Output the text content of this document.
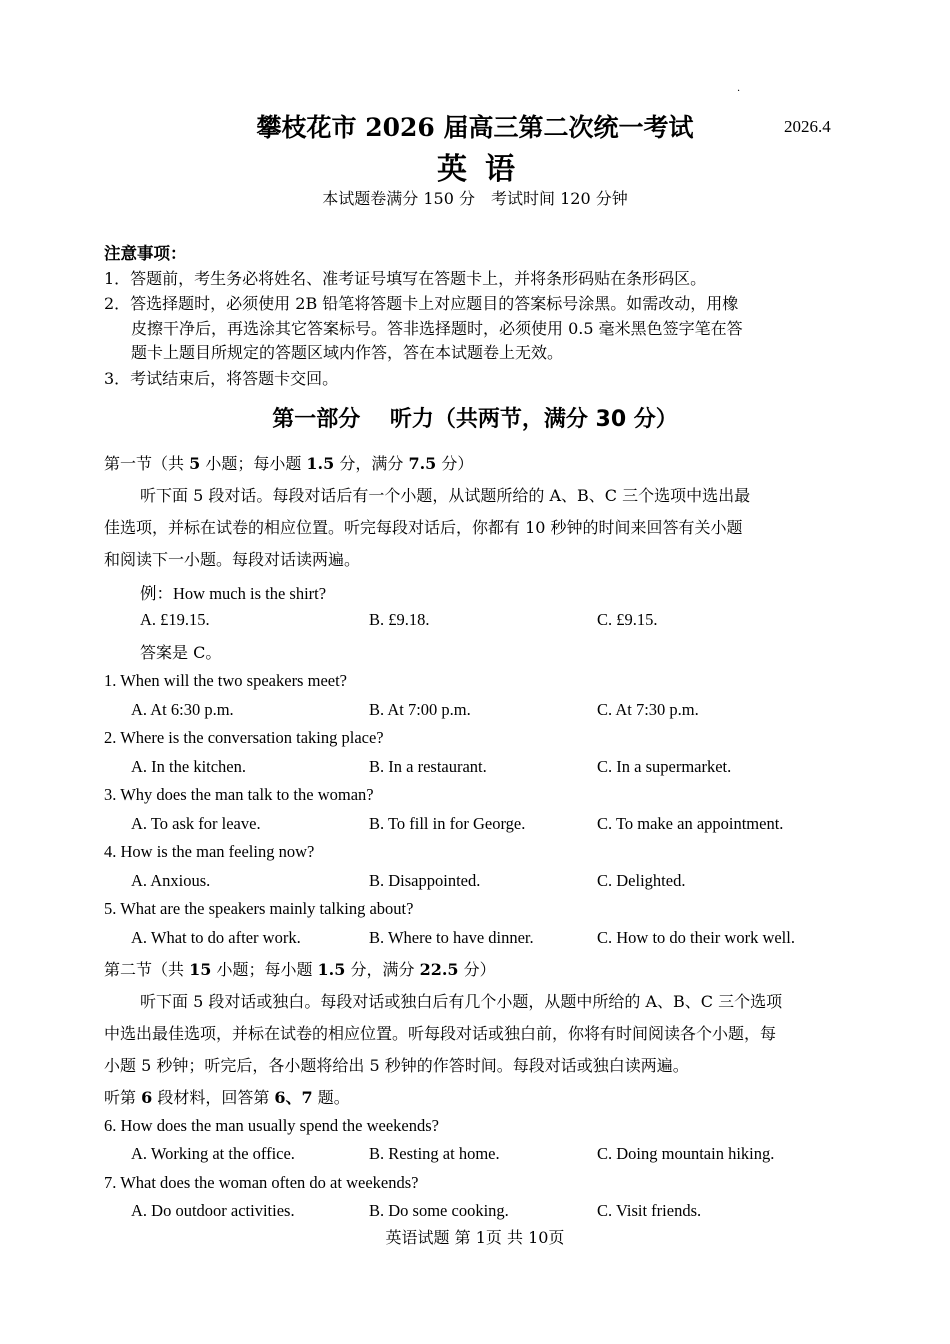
·
攀枝花市 2026 届高三第二次统一考试	2026.4
英语
本试题卷满分 150 分　考试时间 120 分钟
注意事项：
1．答题前，考生务必将姓名、准考证号填写在答题卡上，并将条形码贴在条形码区。
2．答选择题时，必须使用 2B 铅笔将答题卡上对应题目的答案标号涂黑。如需改动，用橡
皮擦干净后，再选涂其它答案标号。答非选择题时，必须使用 0.5 毫米黑色签字笔在答
题卡上题目所规定的答题区域内作答，答在本试题卷上无效。
3．考试结束后，将答题卡交回。
第一部分　 听力（共两节，满分 30 分）
第一节（共 5 小题；每小题 1.5 分，满分 7.5 分）
听下面 5 段对话。每段对话后有一个小题，从试题所给的 A、B、C 三个选项中选出最
佳选项，并标在试卷的相应位置。听完每段对话后，你都有 10 秒钟的时间来回答有关小题
和阅读下一小题。每段对话读两遍。
例：How much is the shirt?
A. £19.15.	B. £9.18.	C. £9.15.
答案是 C。
1. When will the two speakers meet?
A. At 6:30 p.m.	B. At 7:00 p.m.	C. At 7:30 p.m.
2. Where is the conversation taking place?
A. In the kitchen.	B. In a restaurant.	C. In a supermarket.
3. Why does the man talk to the woman?
A. To ask for leave.	B. To fill in for George.	C. To make an appointment.
4. How is the man feeling now?
A. Anxious.	B. Disappointed.	C. Delighted.
5. What are the speakers mainly talking about?
A. What to do after work.	B. Where to have dinner.	C. How to do their work well.
第二节（共 15 小题；每小题 1.5 分，满分 22.5 分）
听下面 5 段对话或独白。每段对话或独白后有几个小题，从题中所给的 A、B、C 三个选项
中选出最佳选项，并标在试卷的相应位置。听每段对话或独白前，你将有时间阅读各个小题，每
小题 5 秒钟；听完后，各小题将给出 5 秒钟的作答时间。每段对话或独白读两遍。
听第 6 段材料，回答第 6、7 题。
6. How does the man usually spend the weekends?
A. Working at the office.	B. Resting at home.	C. Doing mountain hiking.
7. What does the woman often do at weekends?
A. Do outdoor activities.	B. Do some cooking.	C. Visit friends.
英语试题 第 1页 共 10页
